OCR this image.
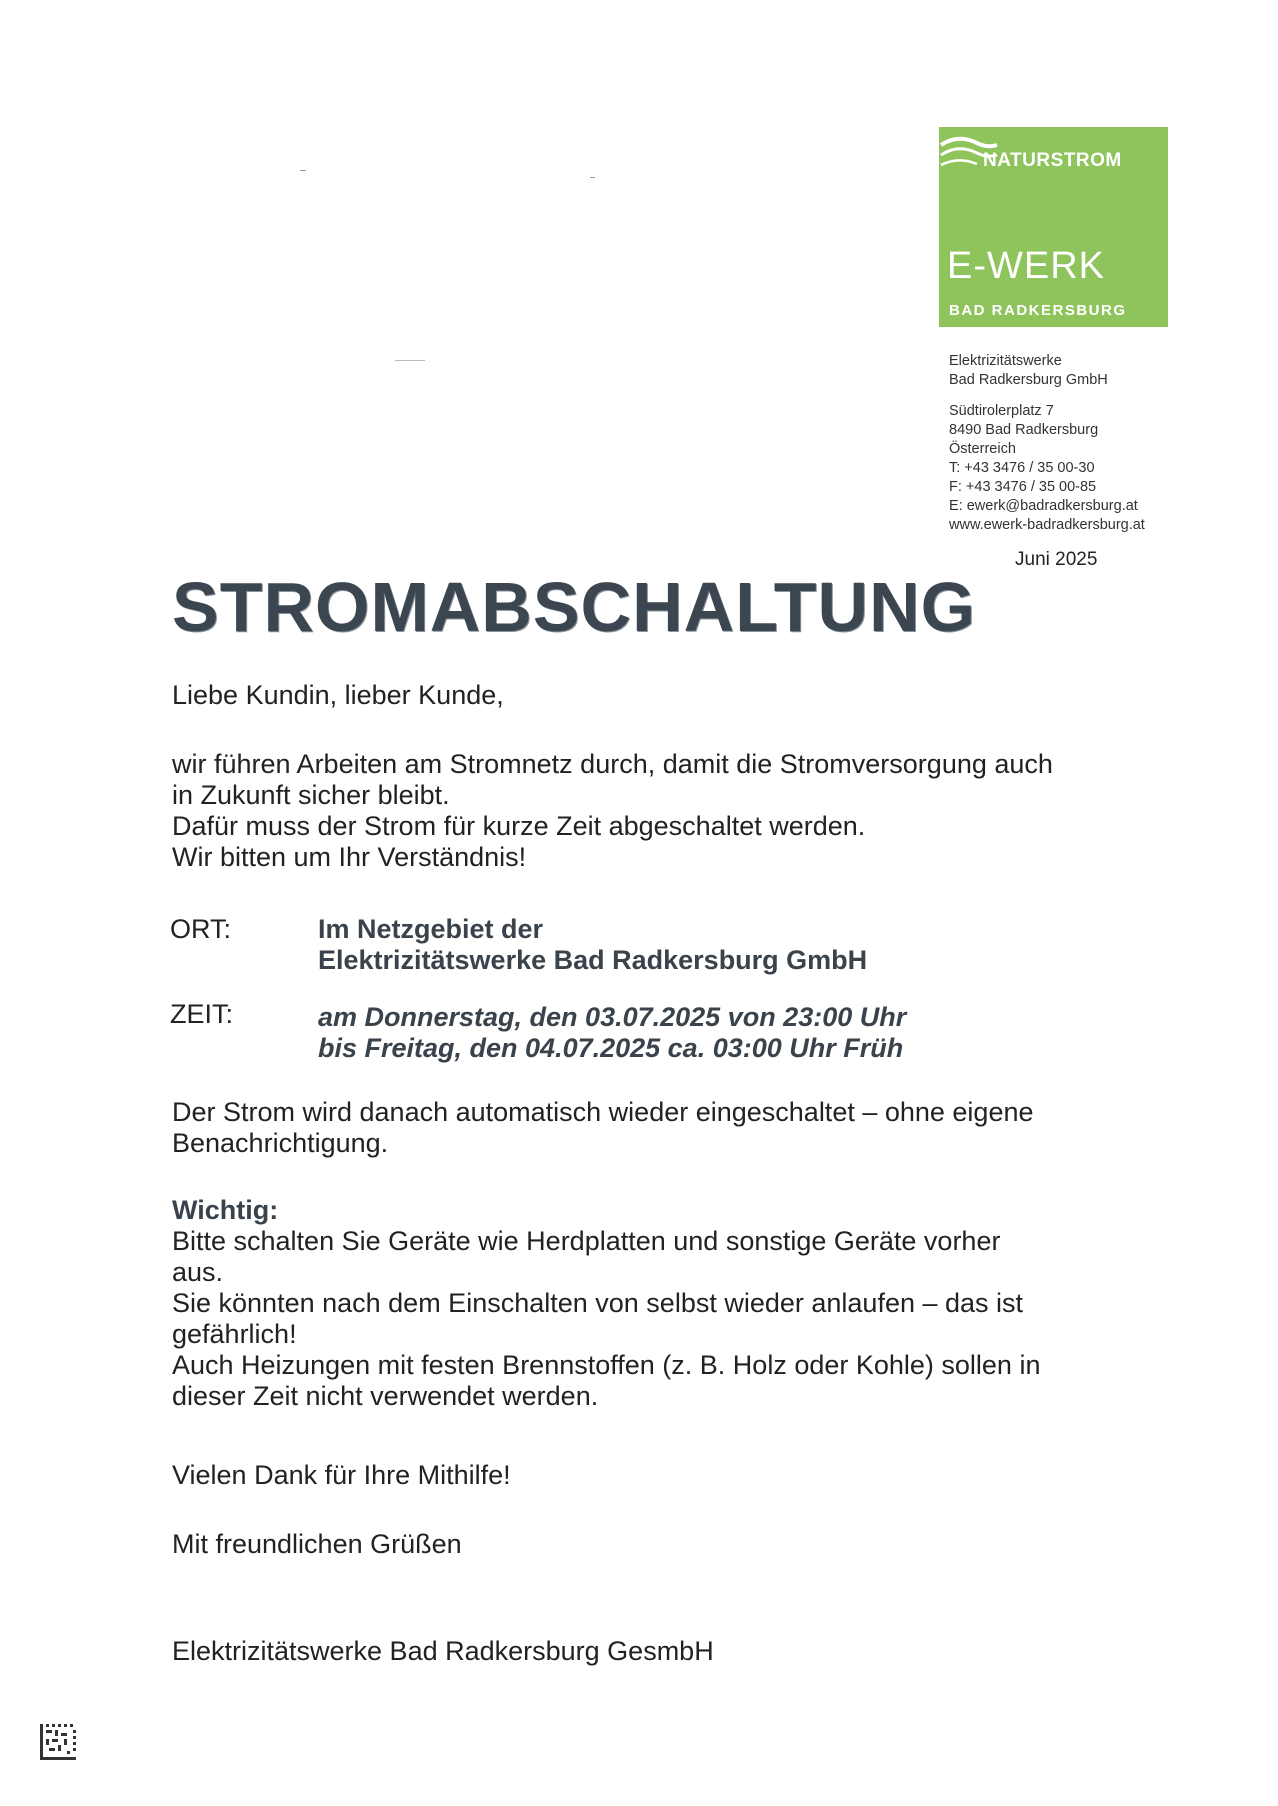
NATURSTROM
E-WERK
BAD RADKERSBURG
Elektrizitätswerke
Bad Radkersburg GmbH
Südtirolerplatz 7
8490 Bad Radkersburg
Österreich
T: +43 3476 / 35 00-30
F: +43 3476 / 35 00-85
E: ewerk@badradkersburg.at
www.ewerk-badradkersburg.at
Juni 2025
STROMABSCHALTUNG
Liebe Kundin, lieber Kunde,
wir führen Arbeiten am Stromnetz durch, damit die Stromversorgung auch
in Zukunft sicher bleibt.
Dafür muss der Strom für kurze Zeit abgeschaltet werden.
Wir bitten um Ihr Verständnis!
ORT:	Im Netzgebiet der
Elektrizitätswerke Bad Radkersburg GmbH
ZEIT:	am Donnerstag, den 03.07.2025 von 23:00 Uhr
bis Freitag, den 04.07.2025 ca. 03:00 Uhr Früh
Der Strom wird danach automatisch wieder eingeschaltet – ohne eigene
Benachrichtigung.
Wichtig:
Bitte schalten Sie Geräte wie Herdplatten und sonstige Geräte vorher
aus.
Sie könnten nach dem Einschalten von selbst wieder anlaufen – das ist
gefährlich!
Auch Heizungen mit festen Brennstoffen (z. B. Holz oder Kohle) sollen in
dieser Zeit nicht verwendet werden.
Vielen Dank für Ihre Mithilfe!
Mit freundlichen Grüßen
Elektrizitätswerke Bad Radkersburg GesmbH
